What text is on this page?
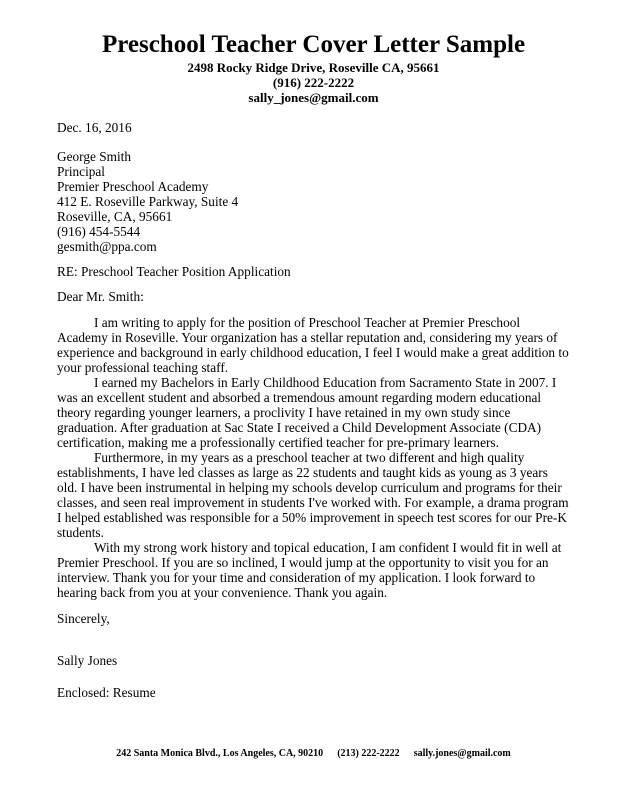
Preschool Teacher Cover Letter Sample
2498 Rocky Ridge Drive, Roseville CA, 95661
(916) 222-2222
sally_jones@gmail.com
Dec. 16, 2016
George Smith
Principal
Premier Preschool Academy
412 E. Roseville Parkway, Suite 4
Roseville, CA, 95661
(916) 454-5544
gesmith@ppa.com
RE: Preschool Teacher Position Application
Dear Mr. Smith:

I am writing to apply for the position of Preschool Teacher at Premier Preschool Academy in Roseville. Your organization has a stellar reputation and, considering my years of experience and background in early childhood education, I feel I would make a great addition to your professional teaching staff.

I earned my Bachelors in Early Childhood Education from Sacramento State in 2007. I was an excellent student and absorbed a tremendous amount regarding modern educational theory regarding younger learners, a proclivity I have retained in my own study since graduation. After graduation at Sac State I received a Child Development Associate (CDA) certification, making me a professionally certified teacher for pre-primary learners.

Furthermore, in my years as a preschool teacher at two different and high quality establishments, I have led classes as large as 22 students and taught kids as young as 3 years old. I have been instrumental in helping my schools develop curriculum and programs for their classes, and seen real improvement in students I've worked with. For example, a drama program I helped established was responsible for a 50% improvement in speech test scores for our Pre-K students.

With my strong work history and topical education, I am confident I would fit in well at Premier Preschool. If you are so inclined, I would jump at the opportunity to visit you for an interview. Thank you for your time and consideration of my application. I look forward to hearing back from you at your convenience. Thank you again.

Sincerely,
Sally Jones
Enclosed: Resume
242 Santa Monica Blvd., Los Angeles, CA, 90210 (213) 222-2222 sally.jones@gmail.com
